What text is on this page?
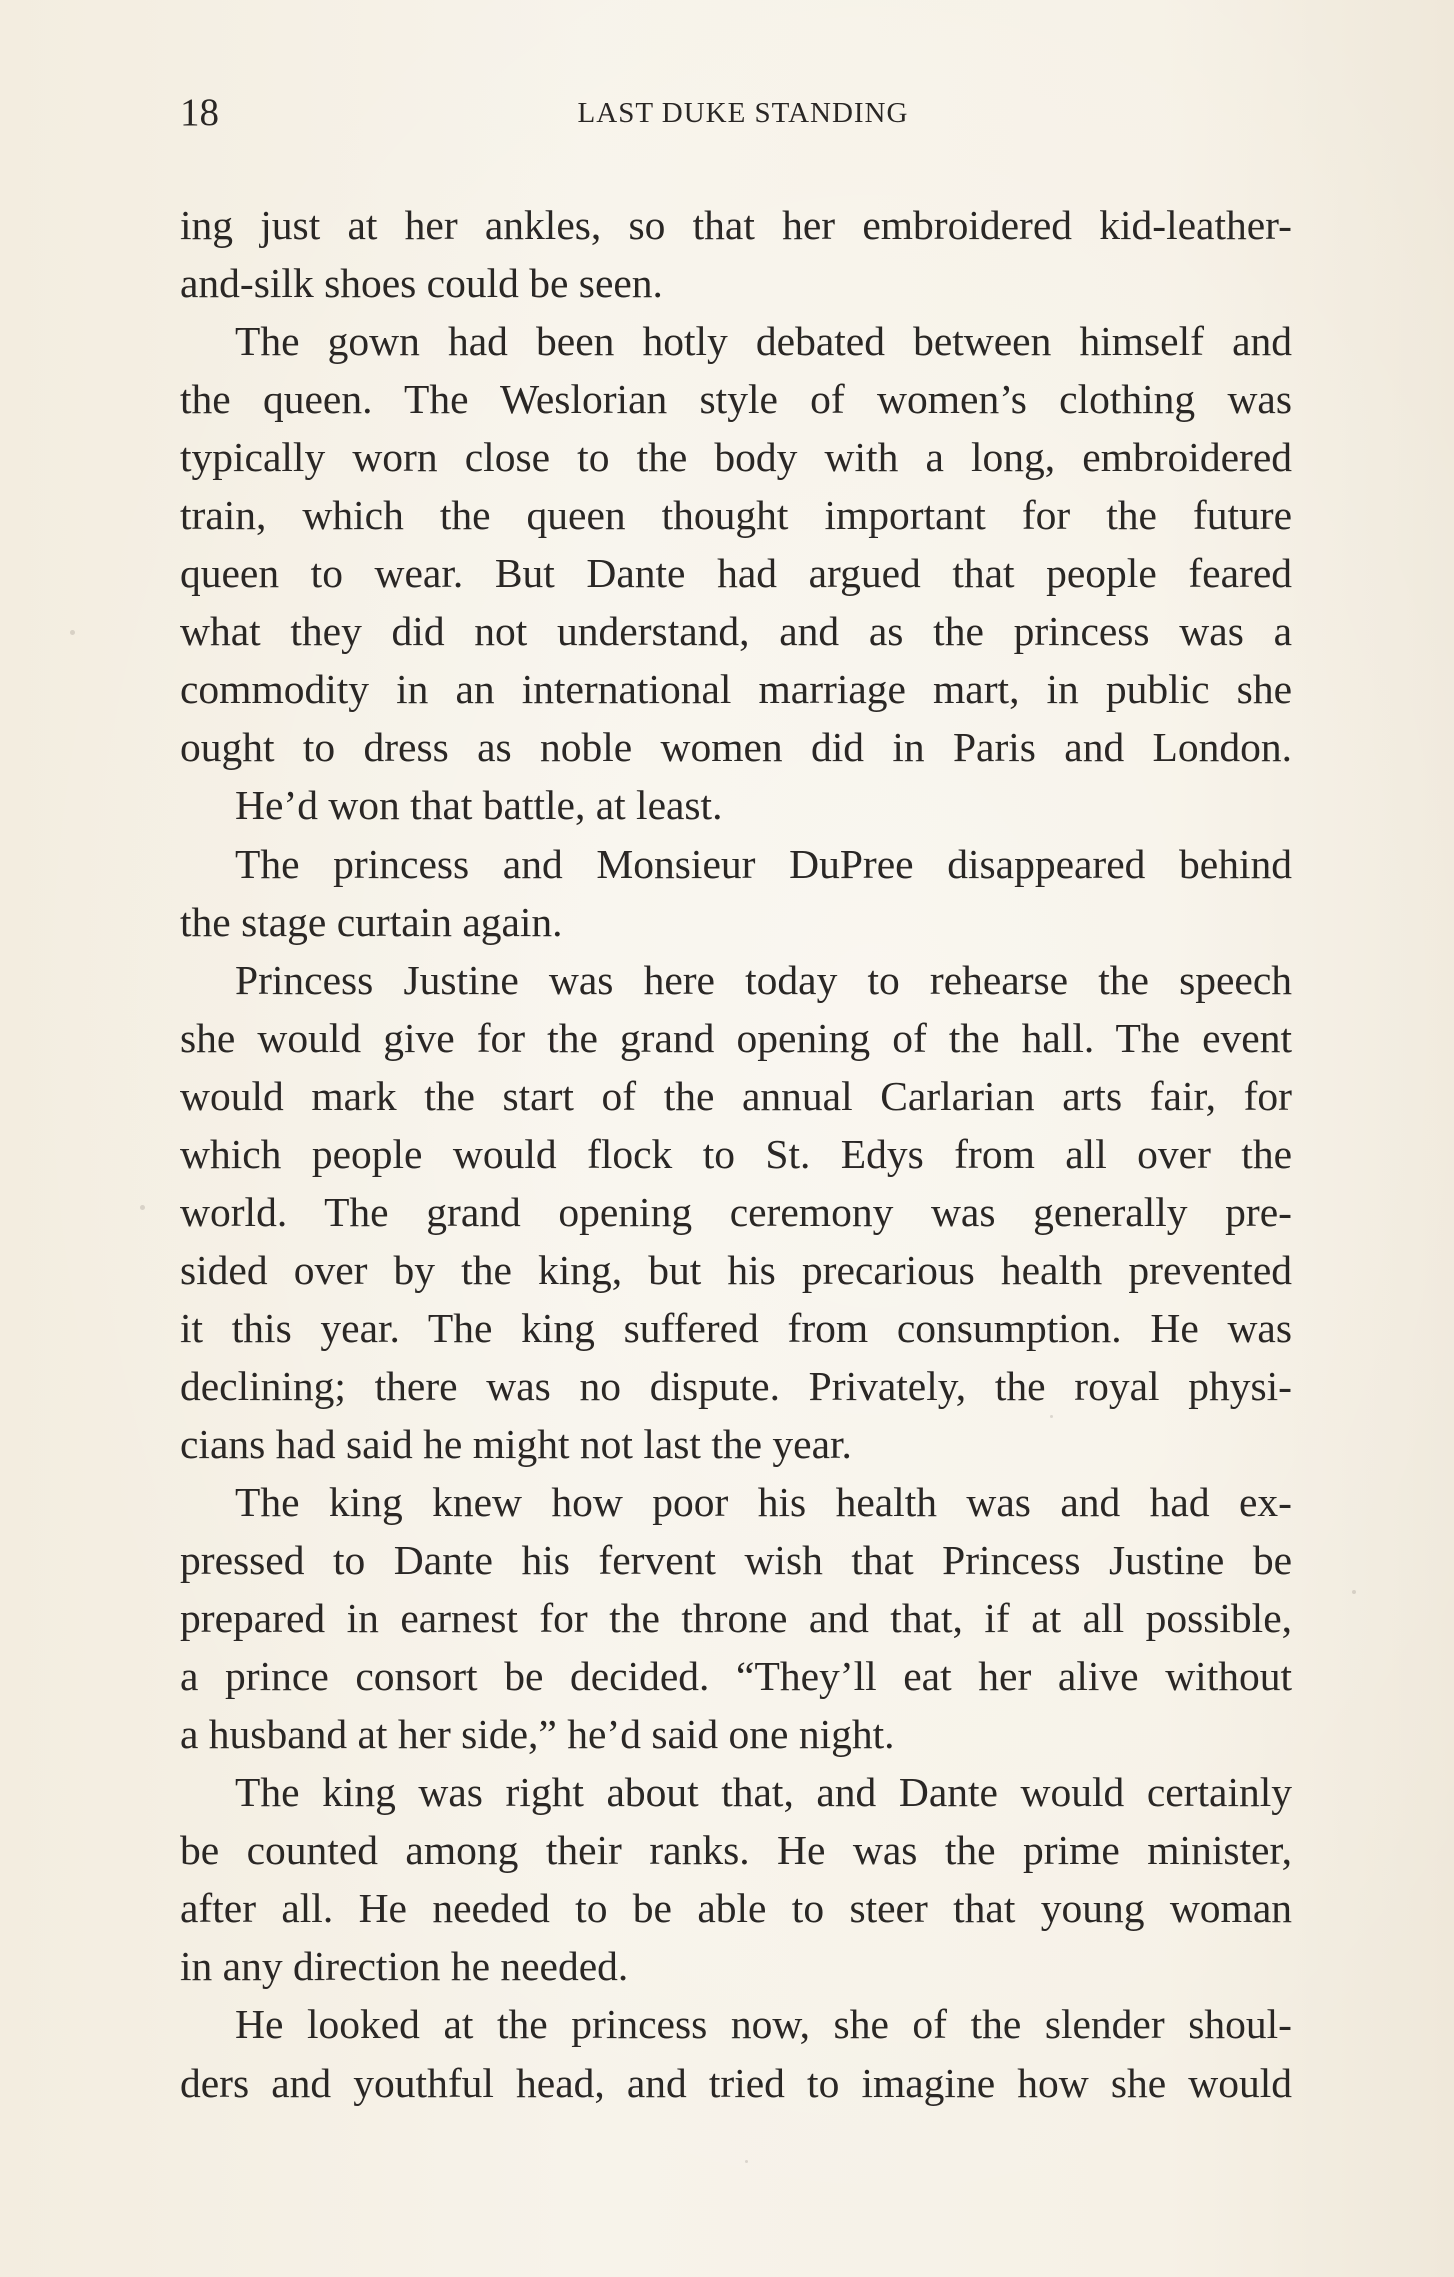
18	LAST DUKE STANDING
ing just at her ankles, so that her embroidered kid-leather-
and-silk shoes could be seen.
The gown had been hotly debated between himself and
the queen. The Weslorian style of women’s clothing was
typically worn close to the body with a long, embroidered
train, which the queen thought important for the future
queen to wear. But Dante had argued that people feared
what they did not understand, and as the princess was a
commodity in an international marriage mart, in public she
ought to dress as noble women did in Paris and London.
He’d won that battle, at least.
The princess and Monsieur DuPree disappeared behind
the stage curtain again.
Princess Justine was here today to rehearse the speech
she would give for the grand opening of the hall. The event
would mark the start of the annual Carlarian arts fair, for
which people would flock to St. Edys from all over the
world. The grand opening ceremony was generally pre-
sided over by the king, but his precarious health prevented
it this year. The king suffered from consumption. He was
declining; there was no dispute. Privately, the royal physi-
cians had said he might not last the year.
The king knew how poor his health was and had ex-
pressed to Dante his fervent wish that Princess Justine be
prepared in earnest for the throne and that, if at all possible,
a prince consort be decided. “They’ll eat her alive without
a husband at her side,” he’d said one night.
The king was right about that, and Dante would certainly
be counted among their ranks. He was the prime minister,
after all. He needed to be able to steer that young woman
in any direction he needed.
He looked at the princess now, she of the slender shoul-
ders and youthful head, and tried to imagine how she would
